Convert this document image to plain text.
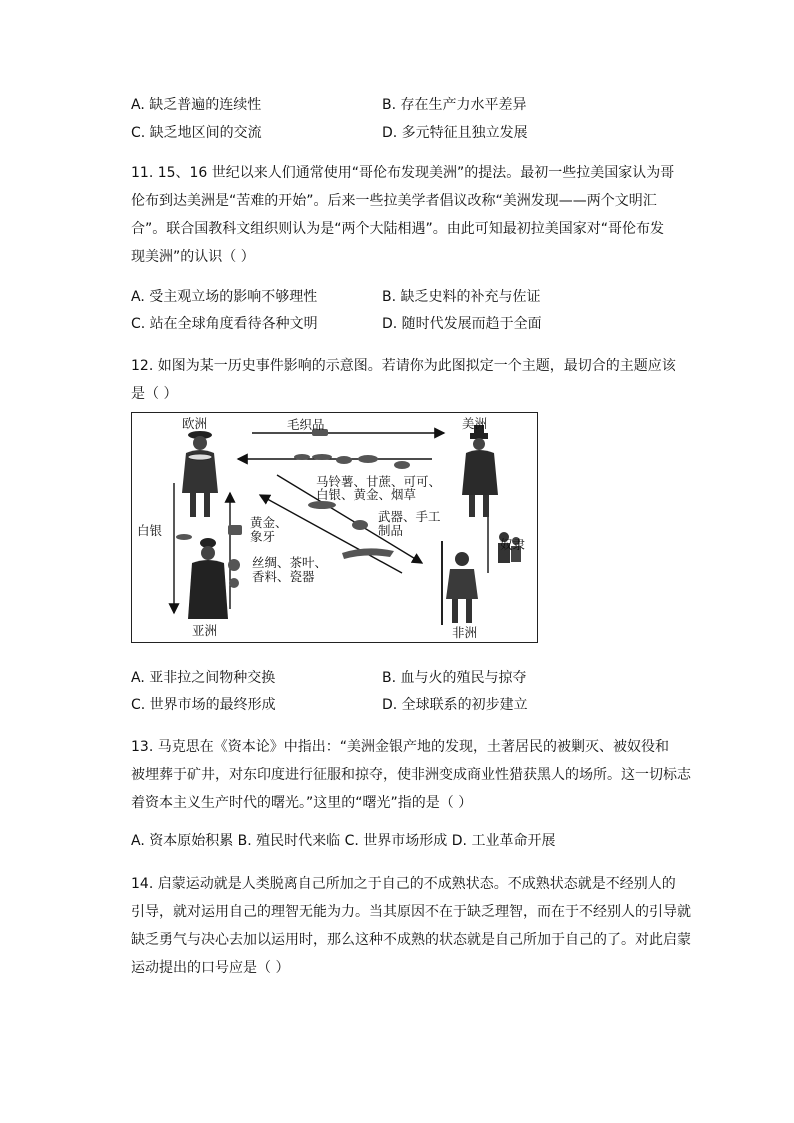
A. 缺乏普遍的连续性	B. 存在生产力水平差异
C. 缺乏地区间的交流	D. 多元特征且独立发展
11. 15、16 世纪以来人们通常使用“哥伦布发现美洲”的提法。最初一些拉美国家认为哥
伦布到达美洲是“苦难的开始”。后来一些拉美学者倡议改称“美洲发现——两个文明汇
合”。联合国教科文组织则认为是“两个大陆相遇”。由此可知最初拉美国家对“哥伦布发
现美洲”的认识（ ）
A. 受主观立场的影响不够理性	B. 缺乏史料的补充与佐证
C. 站在全球角度看待各种文明	D. 随时代发展而趋于全面
12. 如图为某一历史事件影响的示意图。若请你为此图拟定一个主题，最切合的主题应该
是（ ）
欧洲	美洲
毛织品
白银
奴隶
马铃薯、甘蔗、可可、
白银、黄金、烟草
武器、手工
制品
黄金、
象牙
丝绸、茶叶、
香料、瓷器
亚洲	非洲
A. 亚非拉之间物种交换	B. 血与火的殖民与掠夺
C. 世界市场的最终形成	D. 全球联系的初步建立
13. 马克思在《资本论》中指出：“美洲金银产地的发现，土著居民的被剿灭、被奴役和
被埋葬于矿井，对东印度进行征服和掠夺，使非洲变成商业性猎获黑人的场所。这一切标志
着资本主义生产时代的曙光。”这里的“曙光”指的是（ ）
A. 资本原始积累 B. 殖民时代来临 C. 世界市场形成 D. 工业革命开展
14. 启蒙运动就是人类脱离自己所加之于自己的不成熟状态。不成熟状态就是不经别人的
引导，就对运用自己的理智无能为力。当其原因不在于缺乏理智，而在于不经别人的引导就
缺乏勇气与决心去加以运用时，那么这种不成熟的状态就是自己所加于自己的了。对此启蒙
运动提出的口号应是（ ）
